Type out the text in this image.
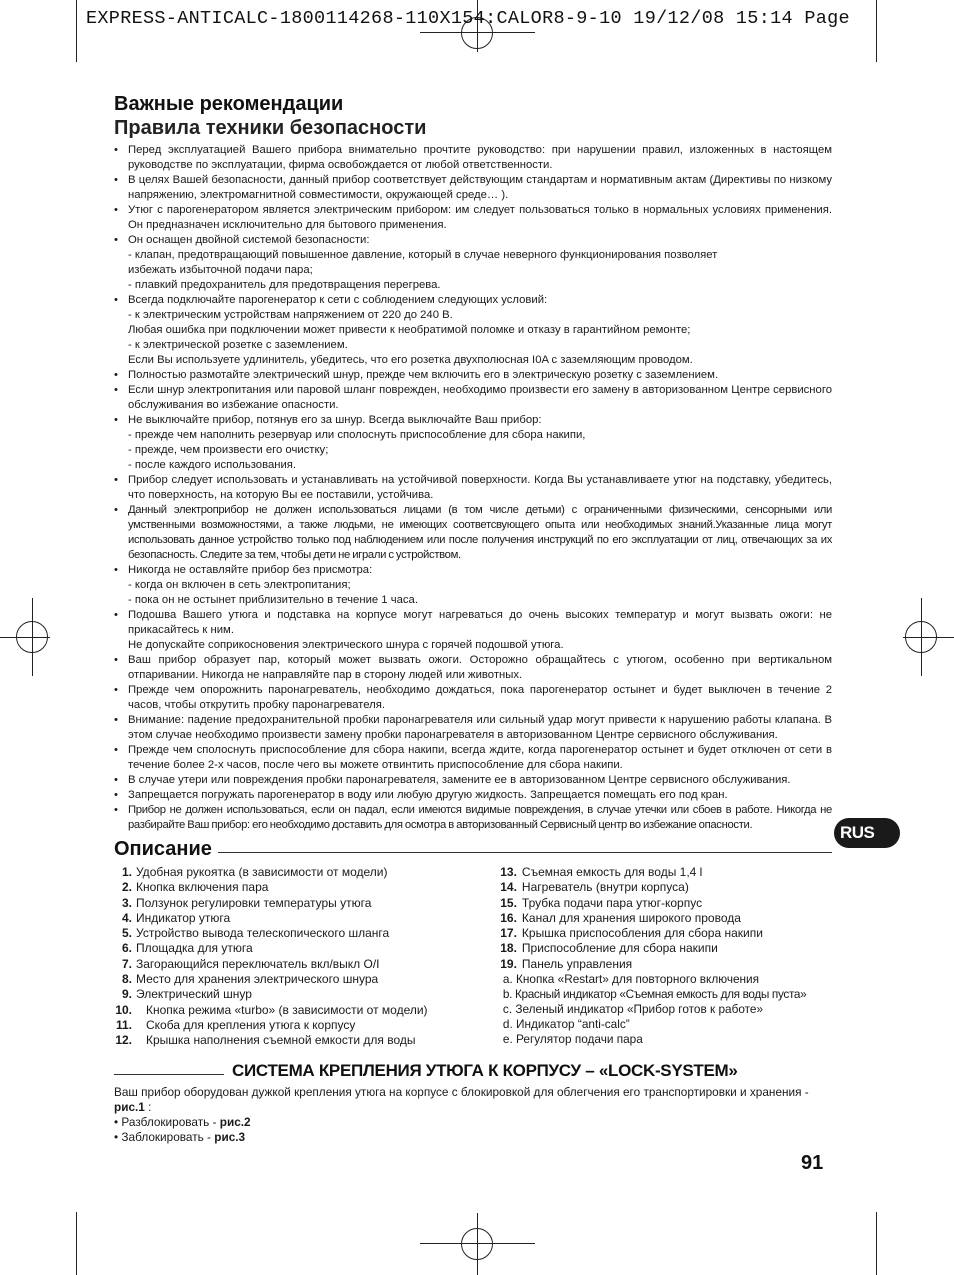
EXPRESS-ANTICALC-1800114268-110X154:CALOR8-9-10 19/12/08 15:14 Page
Важные рекомендации
Правила техники безопасности
• Перед эксплуатацией Вашего прибора внимательно прочтите руководство: при нарушении правил, изложенных в настоящем руководстве по эксплуатации, фирма освобождается от любой ответственности.
• В целях Вашей безопасности, данный прибор соответствует действующим стандартам и нормативным актам (Директивы по низкому напряжению, электромагнитной совместимости, окружающей среде… ).
• Утюг с парогенератором является электрическим прибором: им следует пользоваться только в нормальных условиях применения. Он предназначен исключительно для бытового применения.
• Он оснащен двойной системой безопасности:
- клапан, предотвращающий повышенное давление, который в случае неверного функционирования позволяет
избежать избыточной подачи пара;
- плавкий предохранитель для предотвращения перегрева.
• Всегда подключайте парогенератор к сети с соблюдением следующих условий:
- к электрическим устройствам напряжением от 220 до 240 В.
Любая ошибка при подключении может привести к необратимой поломке и отказу в гарантийном ремонте;
- к электрической розетке с заземлением.
Если Вы используете удлинитель, убедитесь, что его розетка двухполюсная I0A с заземляющим проводом.
• Полностью размотайте электрический шнур, прежде чем включить его в электрическую розетку с заземлением.
• Если шнур электропитания или паровой шланг поврежден, необходимо произвести его замену в авторизованном Центре сервисного обслуживания во избежание опасности.
• Не выключайте прибор, потянув его за шнур. Всегда выключайте Ваш прибор:
- прежде чем наполнить резервуар или сполоснуть приспособление для сбора накипи,
- прежде, чем произвести его очистку;
- после каждого использования.
• Прибор следует использовать и устанавливать на устойчивой поверхности. Когда Вы устанавливаете утюг на подставку, убедитесь, что поверхность, на которую Вы ее поставили, устойчива.
• Данный электроприбор не должен использоваться лицами (в том числе детьми) с ограниченными физическими, сенсорными или умственными возможностями, а также людьми, не имеющих соответсвующего опыта или необходимых знаний.Указанные лица могут использовать данное устройство только под наблюдением или после получения инструкций по его эксплуатации от лиц, отвечающих за их безопасность. Следите за тем, чтобы дети не играли с устройством.
• Никогда не оставляйте прибор без присмотра:
- когда он включен в сеть электропитания;
- пока он не остынет приблизительно в течение 1 часа.
• Подошва Вашего утюга и подставка на корпусе могут нагреваться до очень высоких температур и могут вызвать ожоги: не прикасайтесь к ним.
Не допускайте соприкосновения электрического шнура с горячей подошвой утюга.
• Ваш прибор образует пар, который может вызвать ожоги. Осторожно обращайтесь с утюгом, особенно при вертикальном отпаривании. Никогда не направляйте пар в сторону людей или животных.
• Прежде чем опорожнить паронагреватель, необходимо дождаться, пока парогенератор остынет и будет выключен в течение 2 часов, чтобы открутить пробку паронагревателя.
• Внимание: падение предохранительной пробки паронагревателя или сильный удар могут привести к нарушению работы клапана. В этом случае необходимо произвести замену пробки паронагревателя в авторизованном Центре сервисного обслуживания.
• Прежде чем сполоснуть приспособление для сбора накипи, всегда ждите, когда парогенератор остынет и будет отключен от сети в течение более 2-х часов, после чего вы можете отвинтить приспособление для сбора накипи.
• В случае утери или повреждения пробки паронагревателя, замените ее в авторизованном Центре сервисного обслуживания.
• Запрещается погружать парогенератор в воду или любую другую жидкость. Запрещается помещать его под кран.
• Прибор не должен использоваться, если он падал, если имеются видимые повреждения, в случае утечки или сбоев в работе. Никогда не разбирайте Ваш прибор: его необходимо доставить для осмотра в авторизованный Сервисный центр во избежание опасности.
Описание
1. Удобная рукоятка (в зависимости от модели)
2. Кнопка включения пара
3. Ползунок регулировки температуры утюга
4. Индикатор утюга
5. Устройство вывода телескопического шланга
6. Площадка для утюга
7. Загорающийся переключатель вкл/выкл O/I
8. Место для хранения электрического шнура
9. Электрический шнур
10. Кнопка режима «turbo» (в зависимости от модели)
11. Скоба для крепления утюга к корпусу
12. Крышка наполнения съемной емкости для воды
13. Съемная емкость для воды 1,4 l
14. Нагреватель (внутри корпуса)
15. Трубка подачи пара утюг-корпус
16. Канал для хранения широкого провода
17. Крышка приспособления для сбора накипи
18. Приспособление для сбора накипи
19. Панель управления
a. Кнопка «Restart» для повторного включения
b. Красный индикатор «Съемная емкость для воды пуста»
c. Зеленый индикатор «Прибор готов к работе»
d. Индикатор “anti-calc”
e. Регулятор подачи пара
СИСТЕМА КРЕПЛЕНИЯ УТЮГА К КОРПУСУ – «LOCK-SYSTEM»
Ваш прибор оборудован дужкой крепления утюга на корпусе с блокировкой для облегчения его транспортировки и хранения - рис.1 :
• Разблокировать - рис.2
• Заблокировать - рис.3
91
RUS
